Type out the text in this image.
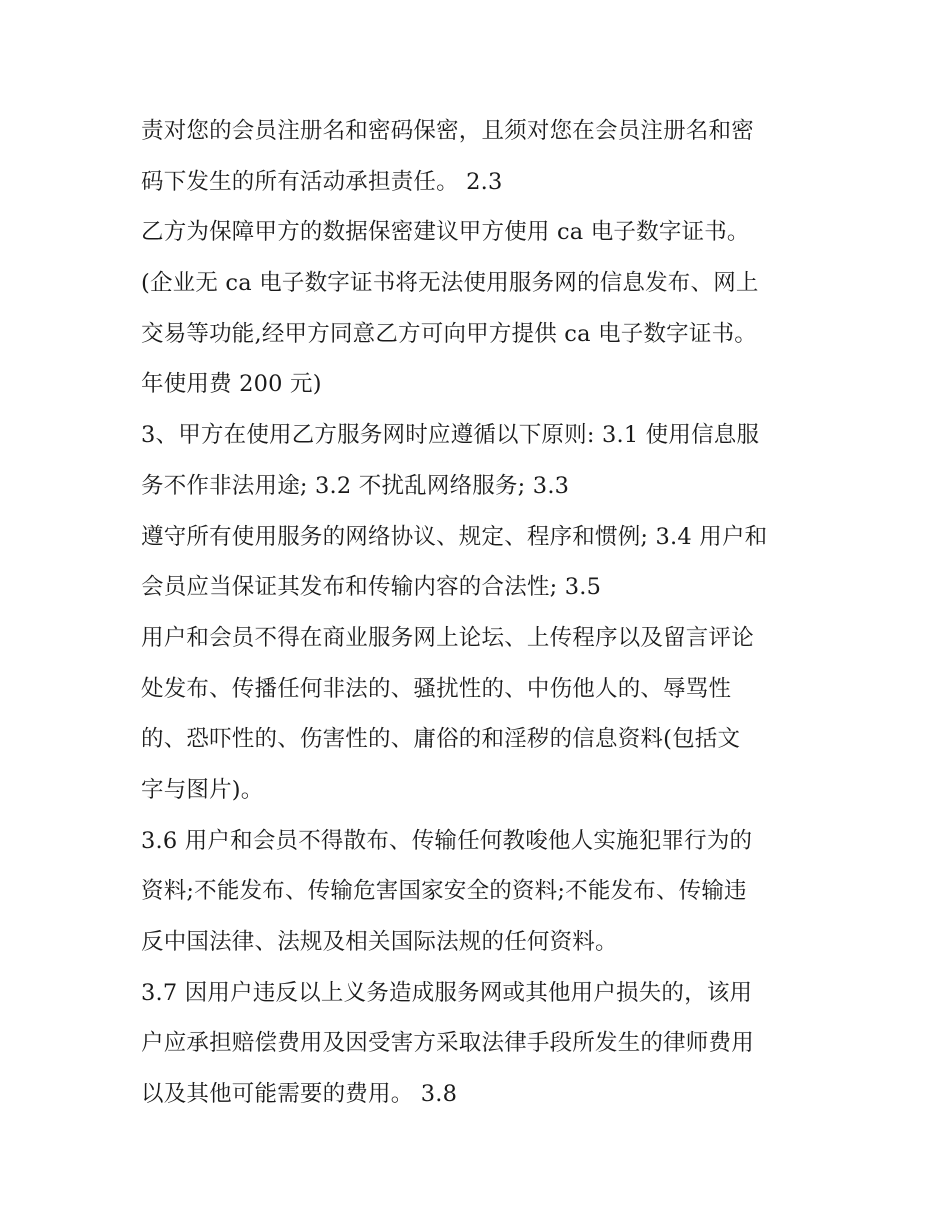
责对您的会员注册名和密码保密，且须对您在会员注册名和密
码下发生的所有活动承担责任。 2.3
乙方为保障甲方的数据保密建议甲方使用 ca 电子数字证书。
(企业无 ca 电子数字证书将无法使用服务网的信息发布、网上
交易等功能,经甲方同意乙方可向甲方提供 ca 电子数字证书。
年使用费 200 元)
3、甲方在使用乙方服务网时应遵循以下原则: 3.1 使用信息服
务不作非法用途; 3.2 不扰乱网络服务; 3.3
遵守所有使用服务的网络协议、规定、程序和惯例; 3.4 用户和
会员应当保证其发布和传输内容的合法性; 3.5
用户和会员不得在商业服务网上论坛、上传程序以及留言评论
处发布、传播任何非法的、骚扰性的、中伤他人的、辱骂性
的、恐吓性的、伤害性的、庸俗的和淫秽的信息资料(包括文
字与图片)。
3.6 用户和会员不得散布、传输任何教唆他人实施犯罪行为的
资料;不能发布、传输危害国家安全的资料;不能发布、传输违
反中国法律、法规及相关国际法规的任何资料。
3.7 因用户违反以上义务造成服务网或其他用户损失的，该用
户应承担赔偿费用及因受害方采取法律手段所发生的律师费用
以及其他可能需要的费用。 3.8
